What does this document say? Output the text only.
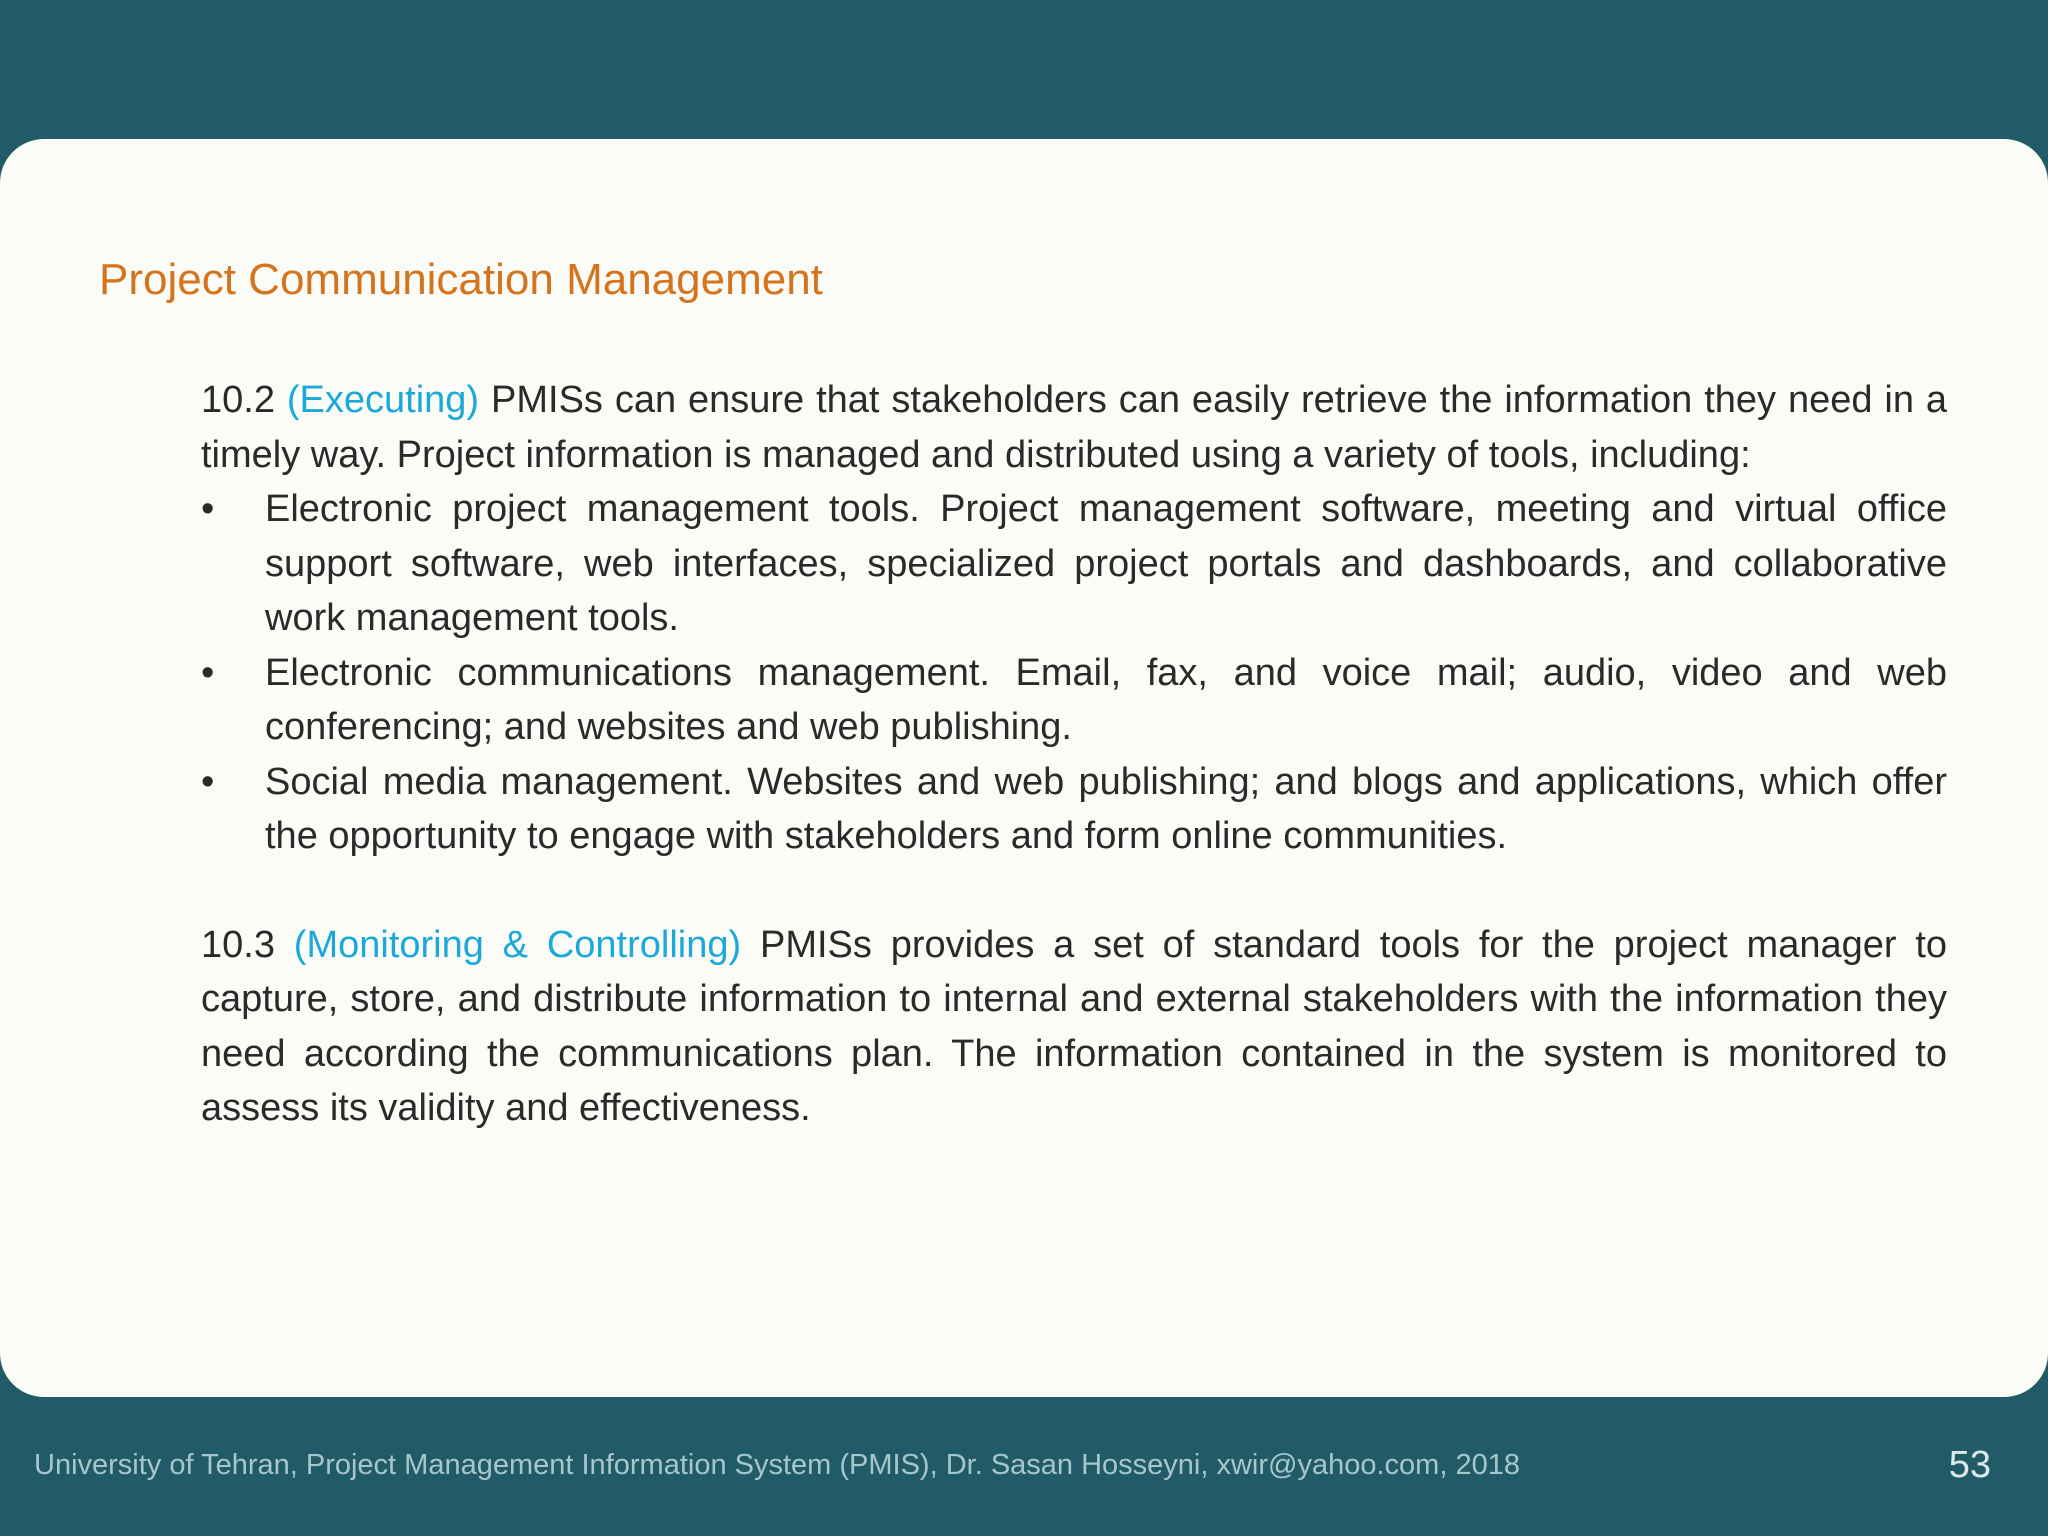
Project Communication Management

10.2 (Executing) PMISs can ensure that stakeholders can easily retrieve the information they need in a timely way. Project information is managed and distributed using a variety of tools, including:

• Electronic project management tools. Project management software, meeting and virtual office support software, web interfaces, specialized project portals and dashboards, and collaborative work management tools.
• Electronic communications management. Email, fax, and voice mail; audio, video and web conferencing; and websites and web publishing.
• Social media management. Websites and web publishing; and blogs and applications, which offer the opportunity to engage with stakeholders and form online communities.

10.3 (Monitoring & Controlling) PMISs provides a set of standard tools for the project manager to capture, store, and distribute information to internal and external stakeholders with the information they need according the communications plan. The information contained in the system is monitored to assess its validity and effectiveness.

University of Tehran, Project Management Information System (PMIS), Dr. Sasan Hosseyni, xwir@yahoo.com, 2018	53
